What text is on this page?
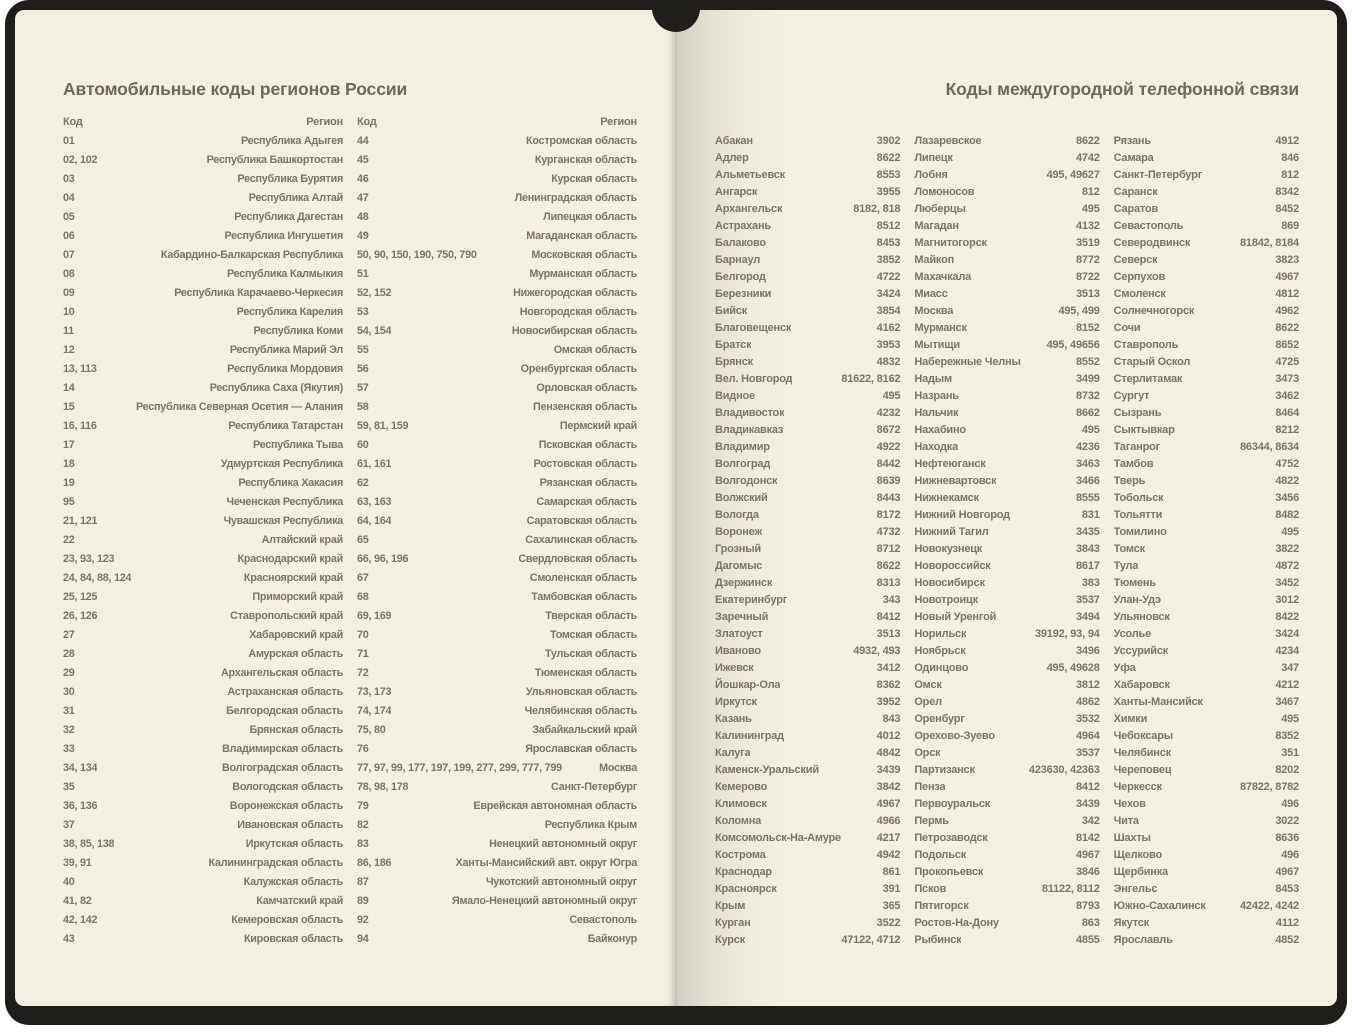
Автомобильные коды регионов России
Код	Регион
01	Республика Адыгея
02, 102	Республика Башкортостан
03	Республика Бурятия
04	Республика Алтай
05	Республика Дагестан
06	Республика Ингушетия
07	Кабардино-Балкарская Республика
08	Республика Калмыкия
09	Республика Карачаево-Черкесия
10	Республика Карелия
11	Республика Коми
12	Республика Марий Эл
13, 113	Республика Мордовия
14	Республика Саха (Якутия)
15	Республика Северная Осетия — Алания
16, 116	Республика Татарстан
17	Республика Тыва
18	Удмуртская Республика
19	Республика Хакасия
95	Чеченская Республика
21, 121	Чувашская Республика
22	Алтайский край
23, 93, 123	Краснодарский край
24, 84, 88, 124	Красноярский край
25, 125	Приморский край
26, 126	Ставропольский край
27	Хабаровский край
28	Амурская область
29	Архангельская область
30	Астраханская область
31	Белгородская область
32	Брянская область
33	Владимирская область
34, 134	Волгоградская область
35	Вологодская область
36, 136	Воронежская область
37	Ивановская область
38, 85, 138	Иркутская область
39, 91	Калининградская область
40	Калужская область
41, 82	Камчатский край
42, 142	Кемеровская область
43	Кировская область
Код	Регион
44	Костромская область
45	Курганская область
46	Курская область
47	Ленинградская область
48	Липецкая область
49	Магаданская область
50, 90, 150, 190, 750, 790	Московская область
51	Мурманская область
52, 152	Нижегородская область
53	Новгородская область
54, 154	Новосибирская область
55	Омская область
56	Оренбургская область
57	Орловская область
58	Пензенская область
59, 81, 159	Пермский край
60	Псковская область
61, 161	Ростовская область
62	Рязанская область
63, 163	Самарская область
64, 164	Саратовская область
65	Сахалинская область
66, 96, 196	Свердловская область
67	Смоленская область
68	Тамбовская область
69, 169	Тверская область
70	Томская область
71	Тульская область
72	Тюменская область
73, 173	Ульяновская область
74, 174	Челябинская область
75, 80	Забайкальский край
76	Ярославская область
77, 97, 99, 177, 197, 199, 277, 299, 777, 799	Москва
78, 98, 178	Санкт-Петербург
79	Еврейская автономная область
82	Республика Крым
83	Ненецкий автономный округ
86, 186	Ханты-Мансийский авт. округ Югра
87	Чукотский автономный округ
89	Ямало-Ненецкий автономный округ
92	Севастополь
94	Байконур
Коды междугородной телефонной связи
Абакан	3902
Адлер	8622
Альметьевск	8553
Ангарск	3955
Архангельск	8182, 818
Астрахань	8512
Балаково	8453
Барнаул	3852
Белгород	4722
Березники	3424
Бийск	3854
Благовещенск	4162
Братск	3953
Брянск	4832
Вел. Новгород	81622, 8162
Видное	495
Владивосток	4232
Владикавказ	8672
Владимир	4922
Волгоград	8442
Волгодонск	8639
Волжский	8443
Вологда	8172
Воронеж	4732
Грозный	8712
Дагомыс	8622
Дзержинск	8313
Екатеринбург	343
Заречный	8412
Златоуст	3513
Иваново	4932, 493
Ижевск	3412
Йошкар-Ола	8362
Иркутск	3952
Казань	843
Калининград	4012
Калуга	4842
Каменск-Уральский	3439
Кемерово	3842
Климовск	4967
Коломна	4966
Комсомольск-На-Амуре	4217
Кострома	4942
Краснодар	861
Красноярск	391
Крым	365
Курган	3522
Курск	47122, 4712
Лазаревское	8622
Липецк	4742
Лобня	495, 49627
Ломоносов	812
Люберцы	495
Магадан	4132
Магнитогорск	3519
Майкоп	8772
Махачкала	8722
Миасс	3513
Москва	495, 499
Мурманск	8152
Мытищи	495, 49656
Набережные Челны	8552
Надым	3499
Назрань	8732
Нальчик	8662
Нахабино	495
Находка	4236
Нефтеюганск	3463
Нижневартовск	3466
Нижнекамск	8555
Нижний Новгород	831
Нижний Тагил	3435
Новокузнецк	3843
Новороссийск	8617
Новосибирск	383
Новотроицк	3537
Новый Уренгой	3494
Норильск	39192, 93, 94
Ноябрьск	3496
Одинцово	495, 49628
Омск	3812
Орел	4862
Оренбург	3532
Орехово-Зуево	4964
Орск	3537
Партизанск	423630, 42363
Пенза	8412
Первоуральск	3439
Пермь	342
Петрозаводск	8142
Подольск	4967
Прокопьевск	3846
Псков	81122, 8112
Пятигорск	8793
Ростов-На-Дону	863
Рыбинск	4855
Рязань	4912
Самара	846
Санкт-Петербург	812
Саранск	8342
Саратов	8452
Севастополь	869
Северодвинск	81842, 8184
Северск	3823
Серпухов	4967
Смоленск	4812
Солнечногорск	4962
Сочи	8622
Ставрополь	8652
Старый Оскол	4725
Стерлитамак	3473
Сургут	3462
Сызрань	8464
Сыктывкар	8212
Таганрог	86344, 8634
Тамбов	4752
Тверь	4822
Тобольск	3456
Тольятти	8482
Томилино	495
Томск	3822
Тула	4872
Тюмень	3452
Улан-Удэ	3012
Ульяновск	8422
Усолье	3424
Уссурийск	4234
Уфа	347
Хабаровск	4212
Ханты-Мансийск	3467
Химки	495
Чебоксары	8352
Челябинск	351
Череповец	8202
Черкесск	87822, 8782
Чехов	496
Чита	3022
Шахты	8636
Щелково	496
Щербинка	4967
Энгельс	8453
Южно-Сахалинск	42422, 4242
Якутск	4112
Ярославль	4852
